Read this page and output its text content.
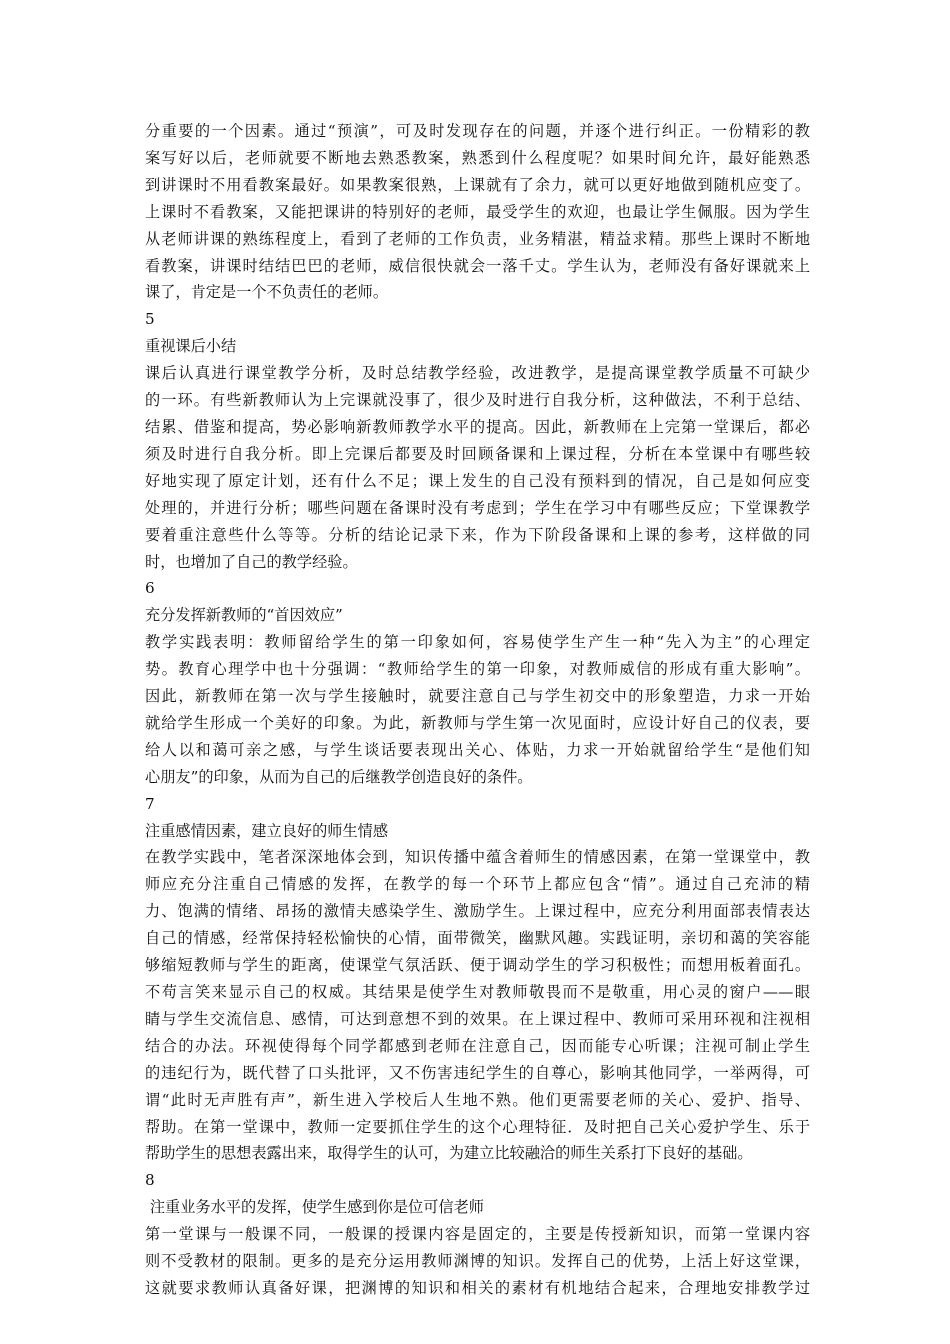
分重要的一个因素。通过“预演”，可及时发现存在的问题，并逐个进行纠正。一份精彩的教
案写好以后，老师就要不断地去熟悉教案，熟悉到什么程度呢？如果时间允许，最好能熟悉
到讲课时不用看教案最好。如果教案很熟，上课就有了余力，就可以更好地做到随机应变了。
上课时不看教案，又能把课讲的特别好的老师，最受学生的欢迎，也最让学生佩服。因为学生
从老师讲课的熟练程度上，看到了老师的工作负责，业务精湛，精益求精。那些上课时不断地
看教案，讲课时结结巴巴的老师，威信很快就会一落千丈。学生认为，老师没有备好课就来上
课了，肯定是一个不负责任的老师。
5
重视课后小结
课后认真进行课堂教学分析，及时总结教学经验，改进教学，是提高课堂教学质量不可缺少
的一环。有些新教师认为上完课就没事了，很少及时进行自我分析，这种做法，不利于总结、
结累、借鉴和提高，势必影响新教师教学水平的提高。因此，新教师在上完第一堂课后，都必
须及时进行自我分析。即上完课后都要及时回顾备课和上课过程，分析在本堂课中有哪些较
好地实现了原定计划，还有什么不足；课上发生的自己没有预料到的情况，自己是如何应变
处理的，并进行分析；哪些问题在备课时没有考虑到；学生在学习中有哪些反应；下堂课教学
要着重注意些什么等等。分析的结论记录下来，作为下阶段备课和上课的参考，这样做的同
时，也增加了自己的教学经验。
6
充分发挥新教师的“首因效应”
教学实践表明：教师留给学生的第一印象如何，容易使学生产生一种“先入为主”的心理定
势。教育心理学中也十分强调：“教师给学生的第一印象，对教师威信的形成有重大影响”。
因此，新教师在第一次与学生接触时，就要注意自己与学生初交中的形象塑造，力求一开始
就给学生形成一个美好的印象。为此，新教师与学生第一次见面时，应设计好自己的仪表，要
给人以和蔼可亲之感，与学生谈话要表现出关心、体贴，力求一开始就留给学生“是他们知
心朋友”的印象，从而为自己的后继教学创造良好的条件。
7
注重感情因素，建立良好的师生情感
在教学实践中，笔者深深地体会到，知识传播中蕴含着师生的情感因素，在第一堂课堂中，教
师应充分注重自己情感的发挥，在教学的每一个环节上都应包含“情”。通过自己充沛的精
力、饱满的情绪、昂扬的激情夫感染学生、激励学生。上课过程中，应充分利用面部表情表达
自己的情感，经常保持轻松愉快的心情，面带微笑，幽默风趣。实践证明，亲切和蔼的笑容能
够缩短教师与学生的距离，使课堂气氛活跃、便于调动学生的学习积极性；而想用板着面孔。
不苟言笑来显示自己的权威。其结果是使学生对教师敬畏而不是敬重，用心灵的窗户——眼
睛与学生交流信息、感情，可达到意想不到的效果。在上课过程中、教师可采用环视和注视相
结合的办法。环视使得每个同学都感到老师在注意自己，因而能专心听课；注视可制止学生
的违纪行为，既代替了口头批评，又不伤害违纪学生的自尊心，影响其他同学，一举两得，可
谓“此时无声胜有声”，新生进入学校后人生地不熟。他们更需要老师的关心、爱护、指导、
帮助。在第一堂课中，教师一定要抓住学生的这个心理特征．及时把自己关心爱护学生、乐于
帮助学生的思想表露出来，取得学生的认可，为建立比较融洽的师生关系打下良好的基础。
8
注重业务水平的发挥，使学生感到你是位可信老师
第一堂课与一般课不同，一般课的授课内容是固定的，主要是传授新知识，而第一堂课内容
则不受教材的限制。更多的是充分运用教师渊博的知识。发挥自己的优势，上活上好这堂课，
这就要求教师认真备好课，把渊博的知识和相关的素材有机地结合起来，合理地安排教学过
